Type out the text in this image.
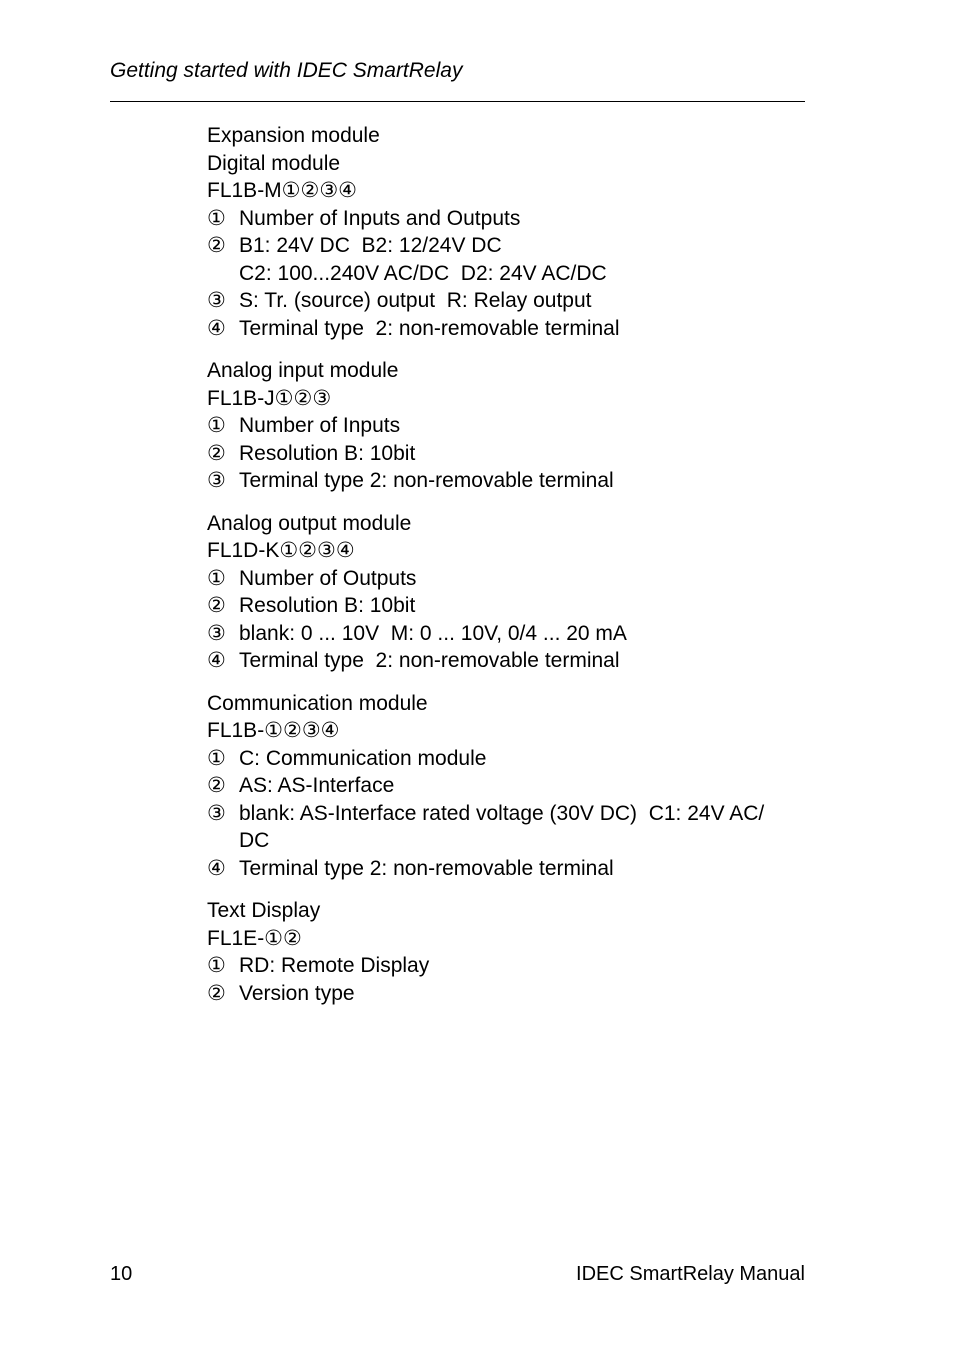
Getting started with IDEC SmartRelay
Expansion module
Digital module
FL1B-M①②③④
① Number of Inputs and Outputs
② B1: 24V DC  B2: 12/24V DC
C2: 100...240V AC/DC  D2: 24V AC/DC
③ S: Tr. (source) output  R: Relay output
④ Terminal type  2: non-removable terminal
Analog input module
FL1B-J①②③
① Number of Inputs
② Resolution B: 10bit
③ Terminal type 2: non-removable terminal
Analog output module
FL1D-K①②③④
① Number of Outputs
② Resolution B: 10bit
③ blank: 0 ... 10V  M: 0 ... 10V, 0/4 ... 20 mA
④ Terminal type  2: non-removable terminal
Communication module
FL1B-①②③④
① C: Communication module
② AS: AS-Interface
③ blank: AS-Interface rated voltage (30V DC)  C1: 24V AC/
DC
④ Terminal type 2: non-removable terminal
Text Display
FL1E-①②
① RD: Remote Display
② Version type
10	IDEC SmartRelay Manual
